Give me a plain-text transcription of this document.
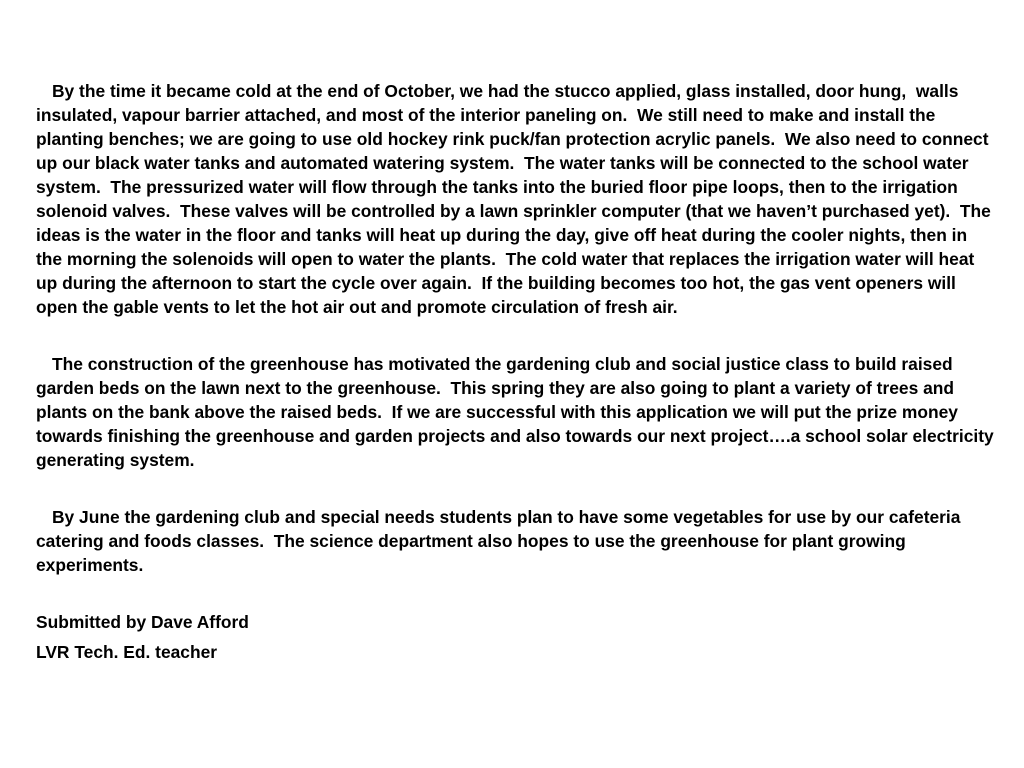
By the time it became cold at the end of October, we had the stucco applied, glass installed, door hung,  walls insulated, vapour barrier attached, and most of the interior paneling on.  We still need to make and install the planting benches; we are going to use old hockey rink puck/fan protection acrylic panels.  We also need to connect up our black water tanks and automated watering system.  The water tanks will be connected to the school water system.  The pressurized water will flow through the tanks into the buried floor pipe loops, then to the irrigation solenoid valves.  These valves will be controlled by a lawn sprinkler computer (that we haven’t purchased yet).  The ideas is the water in the floor and tanks will heat up during the day, give off heat during the cooler nights, then in the morning the solenoids will open to water the plants.  The cold water that replaces the irrigation water will heat up during the afternoon to start the cycle over again.  If the building becomes too hot, the gas vent openers will open the gable vents to let the hot air out and promote circulation of fresh air.

The construction of the greenhouse has motivated the gardening club and social justice class to build raised garden beds on the lawn next to the greenhouse.  This spring they are also going to plant a variety of trees and plants on the bank above the raised beds.  If we are successful with this application we will put the prize money towards finishing the greenhouse and garden projects and also towards our next project….a school solar electricity generating system.

By June the gardening club and special needs students plan to have some vegetables for use by our cafeteria catering and foods classes.  The science department also hopes to use the greenhouse for plant growing experiments.

Submitted by Dave Afford

LVR Tech. Ed. teacher
